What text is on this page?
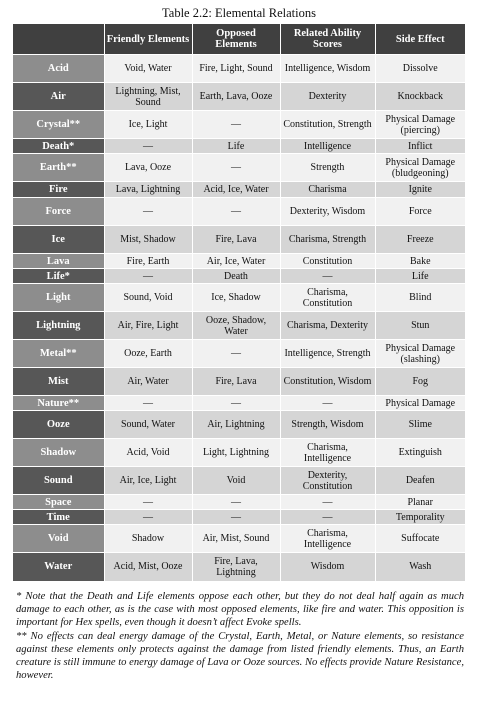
Table 2.2: Elemental Relations
	Friendly Elements	Opposed Elements	Related Ability Scores	Side Effect
Acid	Void, Water	Fire, Light, Sound	Intelligence, Wisdom	Dissolve
Air	Lightning, Mist, Sound	Earth, Lava, Ooze	Dexterity	Knockback
Crystal**	Ice, Light	—	Constitution, Strength	Physical Damage (piercing)
Death*	—	Life	Intelligence	Inflict
Earth**	Lava, Ooze	—	Strength	Physical Damage (bludgeoning)
Fire	Lava, Lightning	Acid, Ice, Water	Charisma	Ignite
Force	—	—	Dexterity, Wisdom	Force
Ice	Mist, Shadow	Fire, Lava	Charisma, Strength	Freeze
Lava	Fire, Earth	Air, Ice, Water	Constitution	Bake
Life*	—	Death	—	Life
Light	Sound, Void	Ice, Shadow	Charisma, Constitution	Blind
Lightning	Air, Fire, Light	Ooze, Shadow, Water	Charisma, Dexterity	Stun
Metal**	Ooze, Earth	—	Intelligence, Strength	Physical Damage (slashing)
Mist	Air, Water	Fire, Lava	Constitution, Wisdom	Fog
Nature**	—	—	—	Physical Damage
Ooze	Sound, Water	Air, Lightning	Strength, Wisdom	Slime
Shadow	Acid, Void	Light, Lightning	Charisma, Intelligence	Extinguish
Sound	Air, Ice, Light	Void	Dexterity, Constitution	Deafen
Space	—	—	—	Planar
Time	—	—	—	Temporality
Void	Shadow	Air, Mist, Sound	Charisma, Intelligence	Suffocate
Water	Acid, Mist, Ooze	Fire, Lava, Lightning	Wisdom	Wash

* Note that the Death and Life elements oppose each other, but they do not deal half again as much damage to each other, as is the case with most opposed elements, like fire and water. This opposition is important for Hex spells, even though it doesn’t affect Evoke spells.

** No effects can deal energy damage of the Crystal, Earth, Metal, or Nature elements, so resistance against these elements only protects against the damage from listed friendly elements. Thus, an Earth creature is still immune to energy damage of Lava or Ooze sources. No effects provide Nature Resistance, however.
